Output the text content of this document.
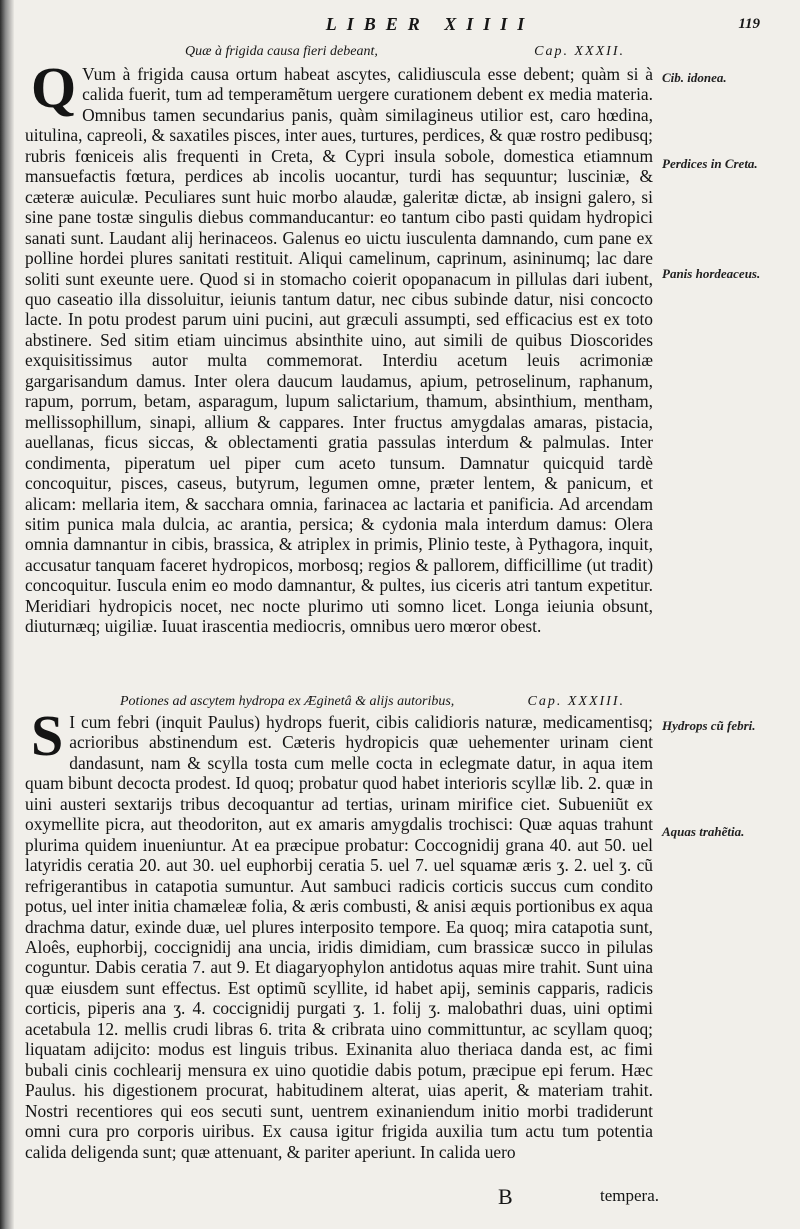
LIBER XIIII	119
Quæ à frigida causa fieri debeant,	Cap. XXXII.
Q Vum à frigida causa ortum habeat ascytes, calidiuscula esse debent; quàm si à calida fuerit, tum ad temperamẽtum uergere curationem debent ex media materia. Omnibus tamen secundarius panis, quàm similagineus utilior est, caro hœdina, uitulina, capreoli, & saxatiles pisces, inter aues, turtures, perdices, & quæ rostro pedibusq; rubris fœniceis alis frequenti in Creta, & Cypri insula sobole, domestica etiamnum mansuefactis fœtura, perdices ab incolis uocantur, turdi has sequuntur; lusciniæ, & cæteræ auiculæ. Peculiares sunt huic morbo alaudæ, galeritæ dictæ, ab insigni galero, si sine pane tostæ singulis diebus commanducantur: eo tantum cibo pasti quidam hydropici sanati sunt. Laudant alij herinaceos. Galenus eo uictu iusculenta damnando, cum pane ex polline hordei plures sanitati restituit. Aliqui camelinum, caprinum, asininumq; lac dare soliti sunt exeunte uere. Quod si in stomacho coierit opopanacum in pillulas dari iubent, quo caseatio illa dissoluitur, ieiunis tantum datur, nec cibus subinde datur, nisi concocto lacte. In potu prodest parum uini pucini, aut græculi assumpti, sed efficacius est ex toto abstinere. Sed sitim etiam uincimus absinthite uino, aut simili de quibus Dioscorides exquisitissimus autor multa commemorat. Interdiu acetum leuis acrimoniæ gargarisandum damus. Inter olera daucum laudamus, apium, petroselinum, raphanum, rapum, porrum, betam, asparagum, lupum salictarium, thamum, absinthium, mentham, mellissophillum, sinapi, allium & cappares. Inter fructus amygdalas amaras, pistacia, auellanas, ficus siccas, & oblectamenti gratia passulas interdum & palmulas. Inter condimenta, piperatum uel piper cum aceto tunsum. Damnatur quicquid tardè concoquitur, pisces, caseus, butyrum, legumen omne, præter lentem, & panicum, et alicam: mellaria item, & sacchara omnia, farinacea ac lactaria et panificia. Ad arcendam sitim punica mala dulcia, ac arantia, persica; & cydonia mala interdum damus: Olera omnia damnantur in cibis, brassica, & atriplex in primis, Plinio teste, à Pythagora, inquit, accusatur tanquam faceret hydropicos, morbosq; regios & pallorem, difficillime (ut tradit) concoquitur. Iuscula enim eo modo damnantur, & pultes, ius ciceris atri tantum expetitur. Meridiari hydropicis nocet, nec nocte plurimo uti somno licet. Longa ieiunia obsunt, diuturnæq; uigiliæ. Iuuat irascentia mediocris, omnibus uero mœror obest.
Potiones ad ascytem hydropa ex Æginetâ & alijs autoribus,	Cap. XXXIII.
S I cum febri (inquit Paulus) hydrops fuerit, cibis calidioris naturæ, medicamentisq; acrioribus abstinendum est. Cæteris hydropicis quæ uehementer urinam cient dandasunt, nam & scylla tosta cum melle cocta in eclegmate datur, in aqua item quam bibunt decocta prodest. Id quoq; probatur quod habet interioris scyllæ lib. 2. quæ in uini austeri sextarijs tribus decoquantur ad tertias, urinam mirifice ciet. Subueniũt ex oxymellite picra, aut theodoriton, aut ex amaris amygdalis trochisci: Quæ aquas trahunt plurima quidem inueniuntur. At ea præcipue probatur: Coccognidij grana 40. aut 50. uel latyridis ceratia 20. aut 30. uel euphorbij ceratia 5. uel 7. uel squamæ æris ʒ. 2. uel ʒ. cũ refrigerantibus in catapotia sumuntur. Aut sambuci radicis corticis succus cum condito potus, uel inter initia chamæleæ folia, & æris combusti, & anisi æquis portionibus ex aqua drachma datur, exinde duæ, uel plures interposito tempore. Ea quoq; mira catapotia sunt, Aloês, euphorbij, coccignidij ana uncia, iridis dimidiam, cum brassicæ succo in pilulas coguntur. Dabis ceratia 7. aut 9. Et diagaryophylon antidotus aquas mire trahit. Sunt uina quæ eiusdem sunt effectus. Est optimũ scyllite, id habet apij, seminis capparis, radicis corticis, piperis ana ʒ. 4. coccignidij purgati ʒ. 1. folij ʒ. malobathri duas, uini optimi acetabula 12. mellis crudi libras 6. trita & cribrata uino committuntur, ac scyllam quoq; liquatam adijcito: modus est linguis tribus. Exinanita aluo theriaca danda est, ac fimi bubali cinis cochlearij mensura ex uino quotidie dabis potum, præcipue epi ferum. Hæc Paulus. his digestionem procurat, habitudinem alterat, uias aperit, & materiam trahit. Nostri recentiores qui eos secuti sunt, uentrem exinaniendum initio morbi tradiderunt omni cura pro corporis uiribus. Ex causa igitur frigida auxilia tum actu tum potentia calida deligenda sunt; quæ attenuant, & pariter aperiunt. In calida uero
Cib. idonea.
Perdices in Creta.
Panis hordeaceus.
Hydrops cũ febri.
Aquas trahẽtia.
B	tempera.
